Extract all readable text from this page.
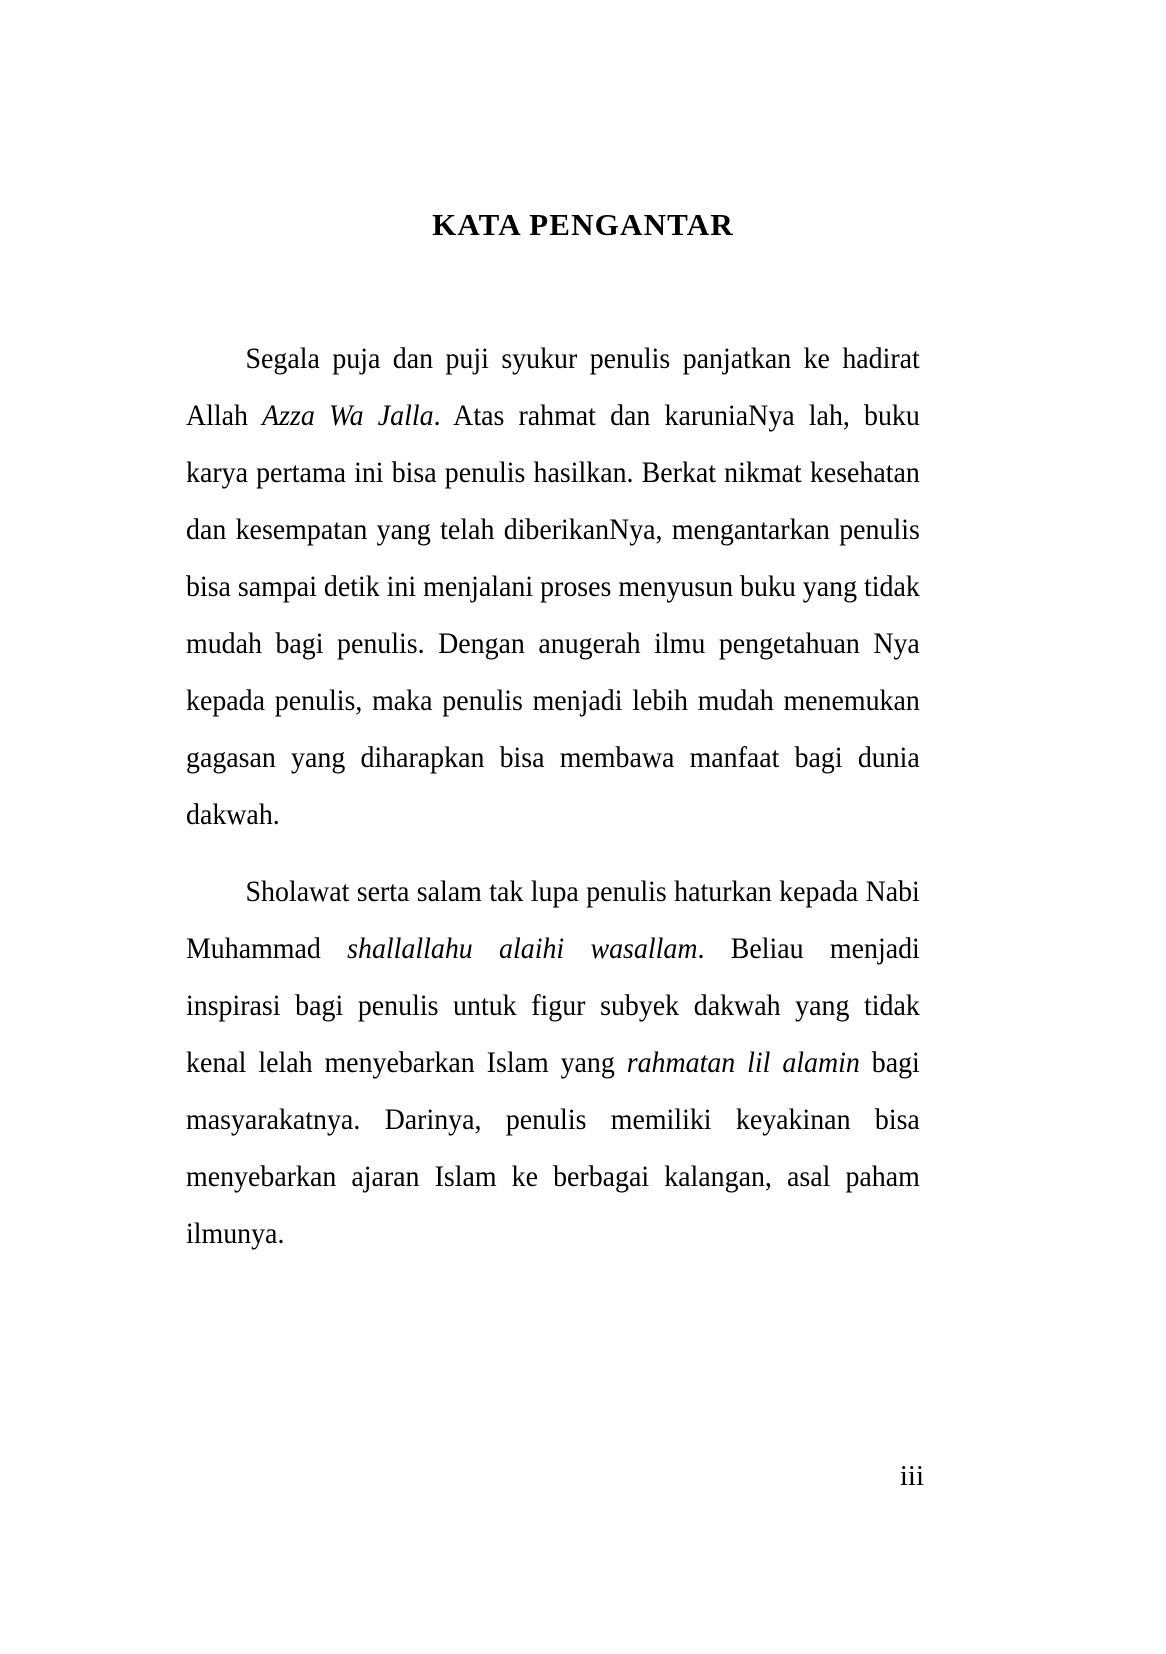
KATA PENGANTAR

Segala puja dan puji syukur penulis panjatkan ke hadirat Allah Azza Wa Jalla. Atas rahmat dan karuniaNya lah, buku karya pertama ini bisa penulis hasilkan. Berkat nikmat kesehatan dan kesempatan yang telah diberikanNya, mengantarkan penulis bisa sampai detik ini menjalani proses menyusun buku yang tidak mudah bagi penulis. Dengan anugerah ilmu pengetahuan Nya kepada penulis, maka penulis menjadi lebih mudah menemukan gagasan yang diharapkan bisa membawa manfaat bagi dunia dakwah.

Sholawat serta salam tak lupa penulis haturkan kepada Nabi Muhammad shallallahu alaihi wasallam. Beliau menjadi inspirasi bagi penulis untuk figur subyek dakwah yang tidak kenal lelah menyebarkan Islam yang rahmatan lil alamin bagi masyarakatnya. Darinya, penulis memiliki keyakinan bisa menyebarkan ajaran Islam ke berbagai kalangan, asal paham ilmunya.

iii
